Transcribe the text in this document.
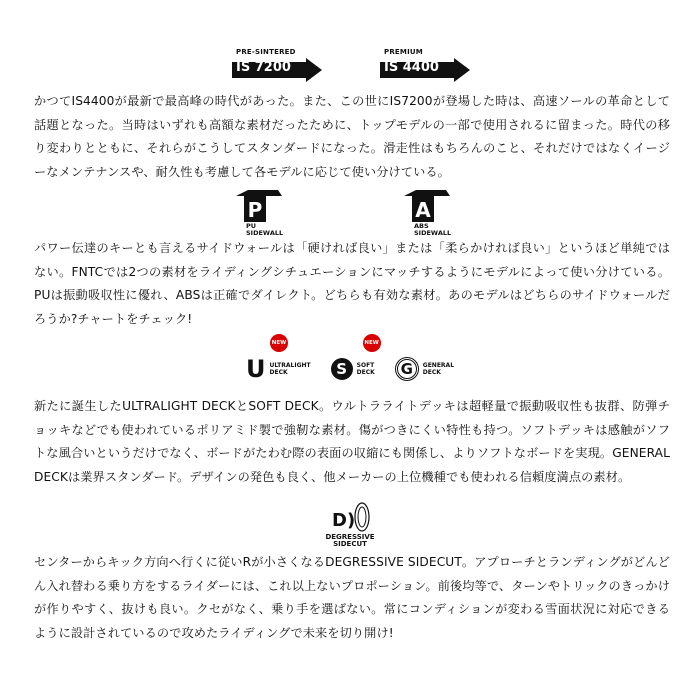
PRE-SINTERED
IS 7200
PREMIUM
IS 4400

かつてIS4400が最新で最高峰の時代があった。また、この世にIS7200が登場した時は、高速ソールの革命として話題となった。当時はいずれも高額な素材だったために、トップモデルの一部で使用されるに留まった。時代の移り変わりとともに、それらがこうしてスタンダードになった。滑走性はもちろんのこと、それだけではなくイージーなメンテナンスや、耐久性も考慮して各モデルに応じて使い分けている。

P
PU
SIDEWALL
A
ABS
SIDEWALL

パワー伝達のキーとも言えるサイドウォールは「硬ければ良い」または「柔らかければ良い」というほど単純ではない。FNTCでは2つの素材をライディングシチュエーションにマッチするようにモデルによって使い分けている。PUは振動吸収性に優れ、ABSは正確でダイレクト。どちらも有効な素材。あのモデルはどちらのサイドウォールだろうか?チャートをチェック!

NEW
U ULTRALIGHT
DECK
NEW
S	SOFT
DECK	G	GENERAL
DECK

新たに誕生したULTRALIGHT DECKとSOFT DECK。ウルトラライトデッキは超軽量で振動吸収性も抜群、防弾チョッキなどでも使われているポリアミド製で強靭な素材。傷がつきにくい特性も持つ。ソフトデッキは感触がソフトな風合いというだけでなく、ボードがたわむ際の表面の収縮にも関係し、よりソフトなボードを実現。GENERAL DECKは業界スタンダード。デザインの発色も良く、他メーカーの上位機種でも使われる信頼度満点の素材。

D)
DEGRESSIVE
SIDECUT

センターからキック方向へ行くに従いRが小さくなるDEGRESSIVE SIDECUT。アプローチとランディングがどんどん入れ替わる乗り方をするライダーには、これ以上ないプロポーション。前後均等で、ターンやトリックのきっかけが作りやすく、抜けも良い。クセがなく、乗り手を選ばない。常にコンディションが変わる雪面状況に対応できるように設計されているので攻めたライディングで未来を切り開け!
